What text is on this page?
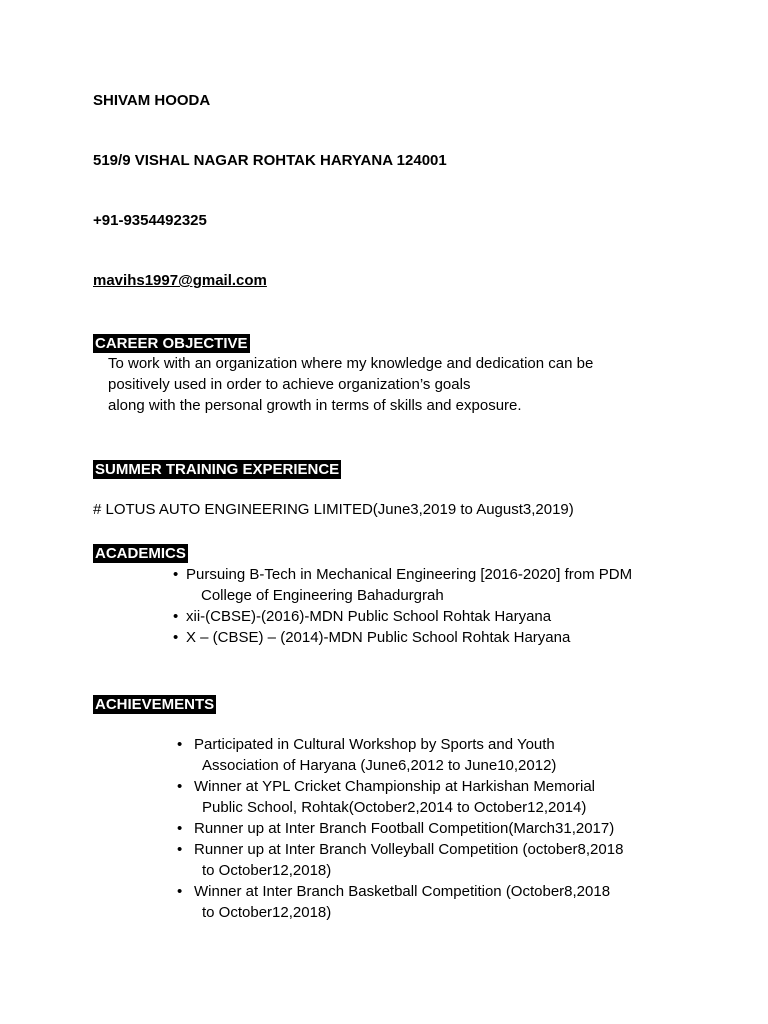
SHIVAM HOODA
519/9 VISHAL NAGAR ROHTAK HARYANA 124001
+91-9354492325
mavihs1997@gmail.com
CAREER OBJECTIVE
To work with an organization where my knowledge and dedication can be
positively used in order to achieve organization’s goals
along with the personal growth in terms of skills and exposure.
SUMMER TRAINING EXPERIENCE
# LOTUS AUTO ENGINEERING LIMITED(June3,2019 to August3,2019)
ACADEMICS
• Pursuing B-Tech in Mechanical Engineering [2016-2020] from PDM
College of Engineering Bahadurgrah
• xii-(CBSE)-(2016)-MDN Public School Rohtak Haryana
• X – (CBSE) – (2014)-MDN Public School Rohtak Haryana
ACHIEVEMENTS
• Participated in Cultural Workshop by Sports and Youth
Association of Haryana (June6,2012 to June10,2012)
• Winner at YPL Cricket Championship at Harkishan Memorial
Public School, Rohtak(October2,2014 to October12,2014)
• Runner up at Inter Branch Football Competition(March31,2017)
• Runner up at Inter Branch Volleyball Competition (october8,2018
to October12,2018)
• Winner at Inter Branch Basketball Competition (October8,2018
to October12,2018)
